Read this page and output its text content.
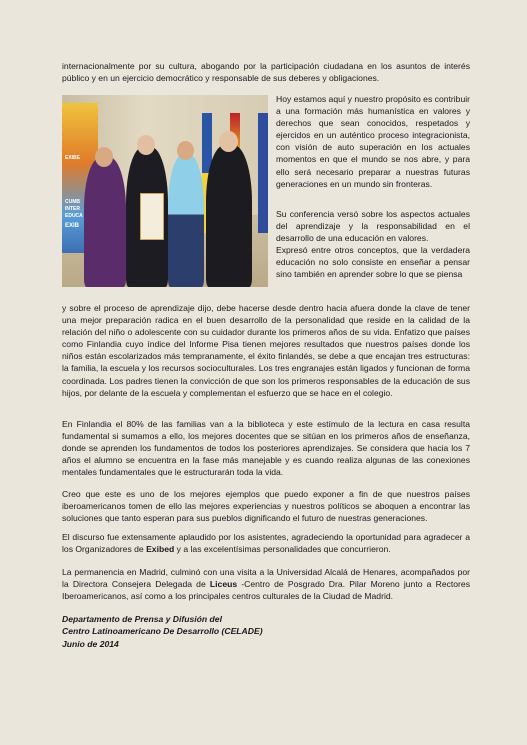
internacionalmente por su cultura, abogando por la participación ciudadana en los asuntos de interés público y en un ejercicio democrático y responsable de sus deberes y obligaciones.

EXIBE
CUMB
INTER
EDUCA
EXIB

Hoy estamos aquí y nuestro propósito es contribuir a una formación más humanística en valores y derechos que sean conocidos, respetados y ejercidos en un auténtico proceso integracionista, con visión de auto superación en los actuales momentos en que el mundo se nos abre, y para ello será necesario preparar a nuestras futuras generaciones en un mundo sin fronteras.

Su conferencia versó sobre los aspectos actuales del aprendizaje y la responsabilidad en el desarrollo de una educación en valores.

Expresó entre otros conceptos, que la verdadera educación no solo consiste en enseñar a pensar sino también en aprender sobre lo que se piensa

y sobre el proceso de aprendizaje dijo, debe hacerse desde dentro hacia afuera donde la clave de tener una mejor preparación radica en el buen desarrollo de la personalidad que reside en la calidad de la relación del niño o adolescente con su cuidador durante los primeros años de su vida. Enfatizo que países como Finlandia cuyo índice del Informe Pisa tienen mejores resultados que nuestros países donde los niños están escolarizados más tempranamente, el éxito finlandés, se debe a que encajan tres estructuras: la familia, la escuela y los recursos socioculturales. Los tres engranajes están ligados y funcionan de forma coordinada. Los padres tienen la convicción de que son los primeros responsables de la educación de sus hijos, por delante de la escuela y complementan el esfuerzo que se hace en el colegio.

En Finlandia el 80% de las familias van a la biblioteca y este estímulo de la lectura en casa resulta fundamental si sumamos a ello, los mejores docentes que se sitúan en los primeros años de enseñanza, donde se aprenden los fundamentos de todos los posteriores aprendizajes. Se considera que hacia los 7 años el alumno se encuentra en la fase más manejable y es cuando realiza algunas de las conexiones mentales fundamentales que le estructurarán toda la vida.

Creo que este es uno de los mejores ejemplos que puedo exponer a fin de que nuestros países iberoamericanos tomen de ello las mejores experiencias y nuestros políticos se aboquen a encontrar las soluciones que tanto esperan para sus pueblos dignificando el futuro de nuestras generaciones.

El discurso fue extensamente aplaudido por los asistentes, agradeciendo la oportunidad para agradecer a los Organizadores de Exibed y a las excelentísimas personalidades que concurrieron.

La permanencia en Madrid, culminó con una visita a la Universidad Alcalá de Henares, acompañados por la Directora Consejera Delegada de Liceus -Centro de Posgrado Dra. Pilar Moreno junto a Rectores Iberoamericanos, así como a los principales centros culturales de la Ciudad de Madrid.

Departamento de Prensa y Difusión del
Centro Latinoamericano De Desarrollo (CELADE)
Junio de 2014
